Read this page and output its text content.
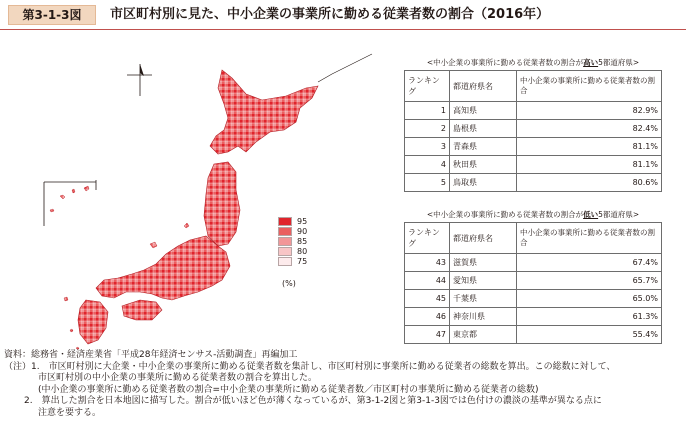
第3-1-3図	市区町村別に見た、中小企業の事業所に勤める従業者数の割合（2016年）
95
90
85
80
75
(%)
<中小企業の事業所に勤める従業者数の割合が高い5都道府県>
ランキング	都道府県名	中小企業の事業所に勤める従業者数の割合
1	高知県	82.9%
2	島根県	82.4%
3	青森県	81.1%
4	秋田県	81.1%
5	鳥取県	80.6%
<中小企業の事業所に勤める従業者数の割合が低い5都道府県>
ランキング	都道府県名	中小企業の事業所に勤める従業者数の割合
43	滋賀県	67.4%
44	愛知県	65.7%
45	千葉県	65.0%
46	神奈川県	61.3%
47	東京都	55.4%
資料：総務省・経済産業省「平成28年経済センサス-活動調査」再編加工
（注）1.　市区町村別に大企業・中小企業の事業所に勤める従業者数を集計し、市区町村別に事業所に勤める従業者の総数を算出。この総数に対して、
市区町村別の中小企業の事業所に勤める従業者数の割合を算出した。
(中小企業の事業所に勤める従業者数の割合=中小企業の事業所に勤める従業者数／市区町村の事業所に勤める従業者の総数)
2.　算出した割合を日本地図に描写した。割合が低いほど色が薄くなっているが、第3-1-2図と第3-1-3図では色付けの濃淡の基準が異なる点に
注意を要する。
